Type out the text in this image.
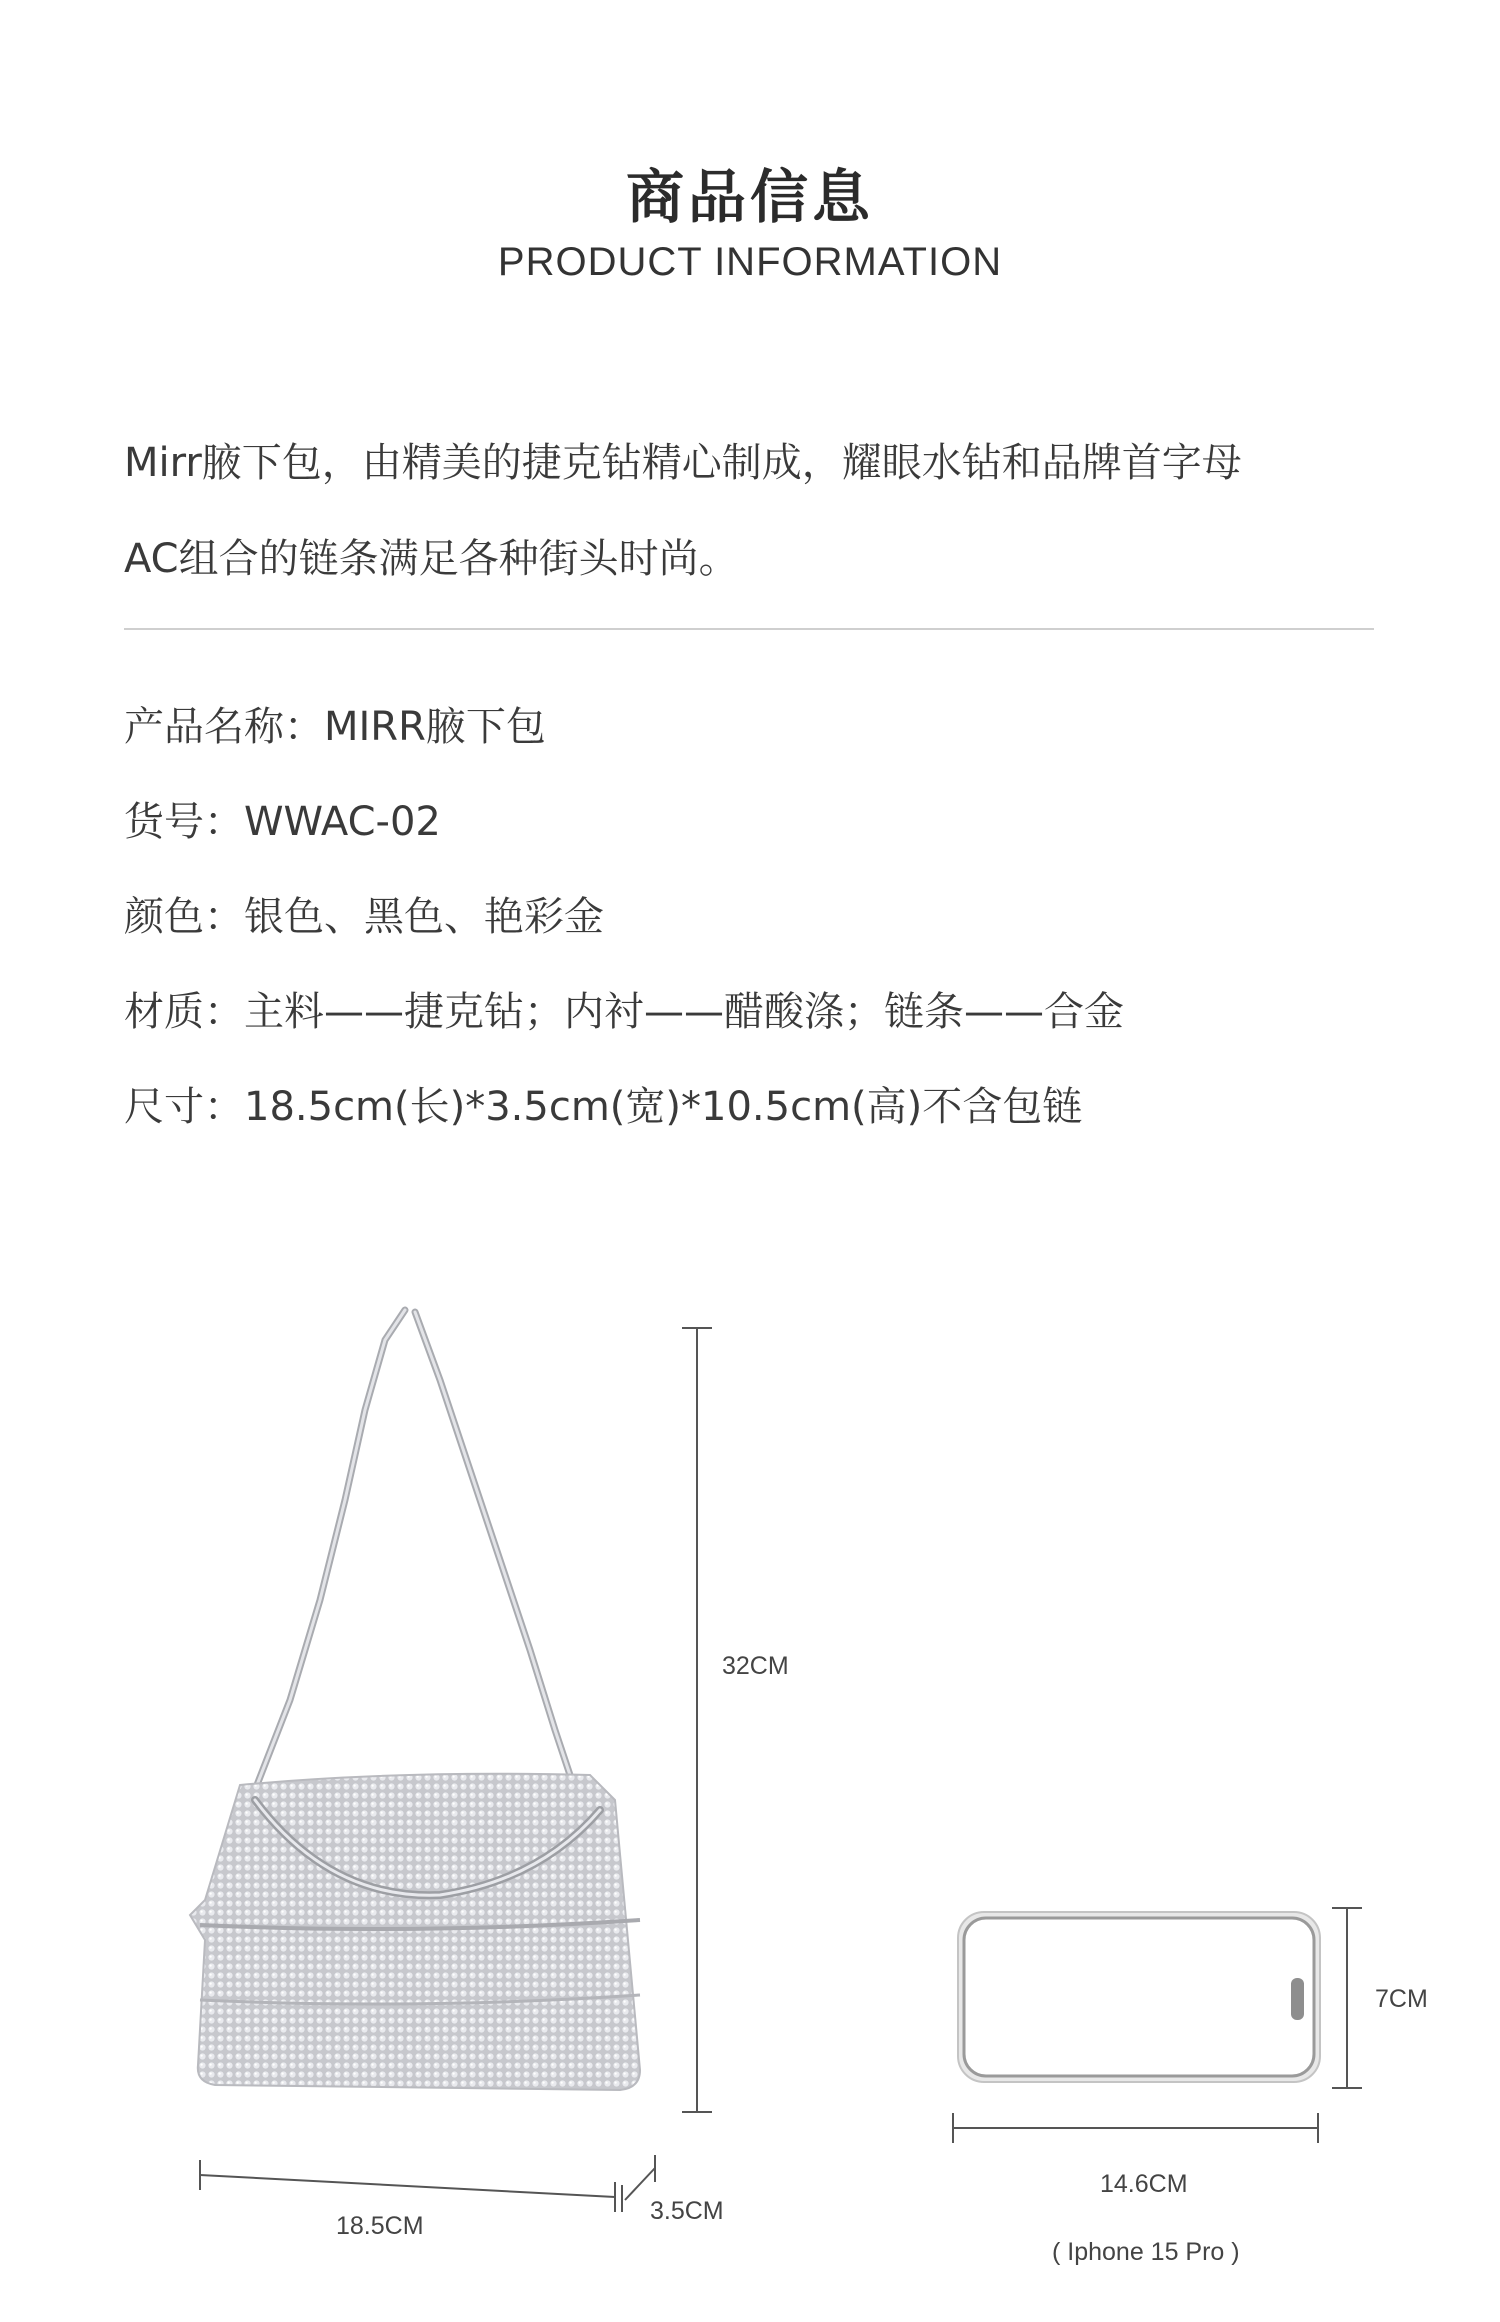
商品信息
PRODUCT INFORMATION
Mirr腋下包，由精美的捷克钻精心制成，耀眼水钻和品牌首字母
AC组合的链条满足各种街头时尚。
产品名称：MIRR腋下包
货号：WWAC-02
颜色：银色、黑色、艳彩金
材质：主料——捷克钻；内衬——醋酸涤；链条——合金
尺寸：18.5cm(长)*3.5cm(宽)*10.5cm(高)不含包链
32CM
18.5CM
3.5CM
7CM
14.6CM
( Iphone 15 Pro )
